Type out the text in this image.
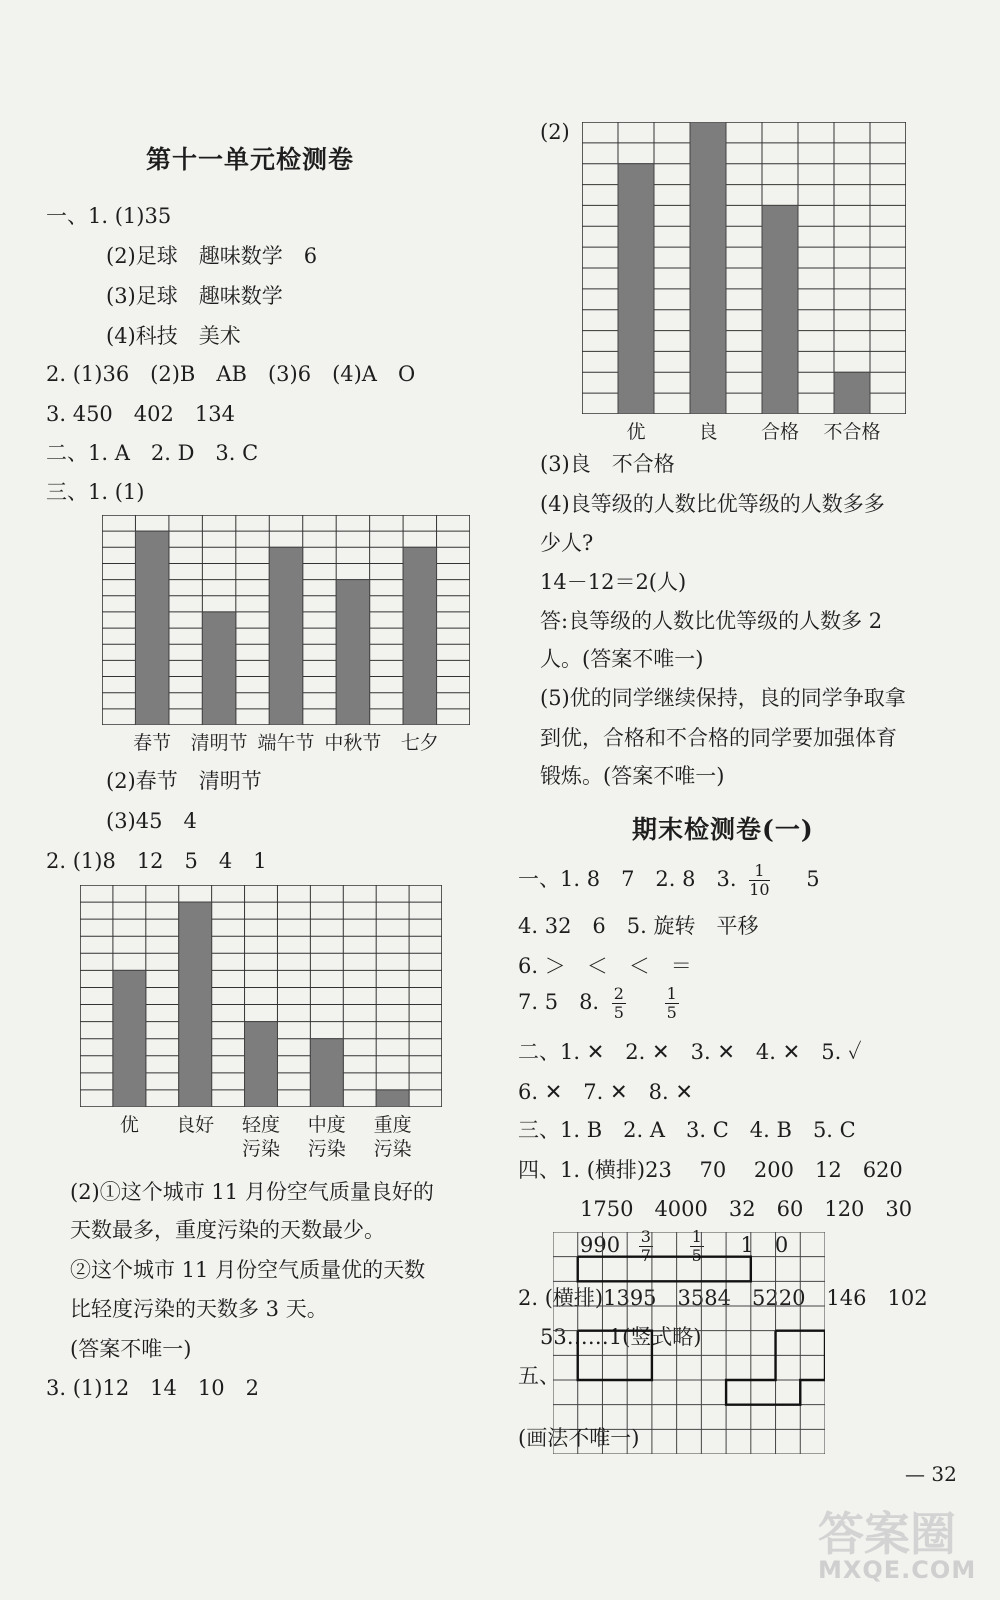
第十一单元检测卷
一、1. (1)35
(2)足球　趣味数学　6
(3)足球　趣味数学
(4)科技　美术
2. (1)36　(2)B　AB　(3)6　(4)A　O
3. 450　402　134
二、1. A　2. D　3. C
三、1. (1)
春节	清明节 端午节 中秋节	七夕
(2)春节　清明节
(3)45　4
2. (1)8　12　5　4　1
优	良好	轻度
污染
中度
污染
重度
污染
(2)①这个城市 11 月份空气质量良好的
天数最多，重度污染的天数最少。
②这个城市 11 月份空气质量优的天数
比轻度污染的天数多 3 天。
(答案不唯一)
3. (1)12　14　10　2
(2)
优	良	合格	不合格
(3)良　不合格
(4)良等级的人数比优等级的人数多多
少人?
14－12＝2(人)
答:良等级的人数比优等级的人数多 2
人。(答案不唯一)
(5)优的同学继续保持，良的同学争取拿
到优，合格和不合格的同学要加强体育
锻炼。(答案不唯一)
期末检测卷(一)
一、1. 8　7　2. 8　3. $\frac{1}{10} 5$
4. 32　6　5. 旋转　平移
6. ＞　＜　＜　＝
7. 5　8. $\frac{2}{5}$
$\frac{1}{5}$
二、1. ✕　2. ✕　3. ✕　4. ✕　5. ✓
6. ✕　7. ✕　8. ✕
三、1. B　2. A　3. C　4. B　5. C
四、1. (横排)23　 70　 200　12　620
1750　4000　32　60　120　30
$990 \frac{3}{7}$
$\frac{1}{5} 1$　0
2. (横排)1395　3584　5220　146　102
53……1(竖式略)
五、
(画法不唯一)
— 32
答案圈
MXQE.COM
